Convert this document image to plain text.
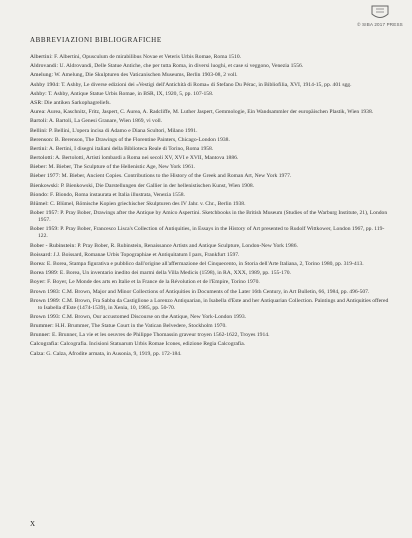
© SIBA 2017 PRESS
ABBREVIAZIONI BIBLIOGRAFICHE
Albertini: F. Albertini, Opusculum de mirabilibus Novae et Veteris Urbis Romae, Roma 1510.
Aldrovandi: U. Aldrovandi, Delle Statue Antiche, che per tutta Roma, in diversi luoghi, et case si veggono, Venezia 1556.
Amelung: W. Amelung, Die Skulpturen des Vaticanischen Museums, Berlin 1903-08, 2 voll.
Ashby 1904: T. Ashby, Le diverse edizioni dei «Vestigi dell'Antichità di Roma» di Stefano Du Pérac, in Bibliofilia, XVI, 1914-15, pp. 401 sgg.
Ashby: T. Ashby, Antique Statue Urbis Romae, in BSR, IX, 1920, 5, pp. 107-158.
ASR: Die antiken Sarkophagreliefs.
Aurea: Aurea, Kaschnitz, Fritz, Jaspert, C. Aurea, A. Radcliffe, M. Luther Jaspert, Gemmologie, Ein Wandsammler der europäischen Plastik, Wien 1938.
Bartoli: A. Bartoli, La Genesi Granare, Wien 1869, vi voll.
Bellini: P. Bellini, L'opera incisa di Adamo e Diana Scultori, Milano 1991.
Berenson: B. Berenson, The Drawings of the Florentine Painters, Chicago-London 1938.
Bertini: A. Bertini, I disegni italiani della Biblioteca Reale di Torino, Roma 1958.
Bertolotti: A. Bertolotti, Artisti lombardi a Roma nei secoli XV, XVI e XVII, Mantova 1886.
Bieber: M. Bieber, The Sculpture of the Hellenistic Age, New York 1961.
Bieber 1977: M. Bieber, Ancient Copies. Contributions to the History of the Greek and Roman Art, New York 1977.
Bienkowski: P. Bienkowski, Die Darstellungen der Gallier in der hellenistischen Kunst, Wien 1908.
Biondo: F. Biondo, Roma instaurata et Italia illustrata, Venezia 1558.
Blümel: C. Blümel, Römische Kopien griechischer Skulpturen des IV Jahr. v. Chr., Berlin 1938.
Bober 1957: P. Pray Bober, Drawings after the Antique by Amico Aspertini. Sketchbooks in the British Museum (Studies of the Warburg Institute, 21), London 1957.
Bober 1959: P. Pray Bober, Francesco Lisca's Collection of Antiquities, in Essays in the History of Art presented to Rudolf Wittkower, London 1967, pp. 119-122.
Bober - Rubinstein: P. Pray Bober, R. Rubinstein, Renaissance Artists and Antique Sculpture, London-New York 1986.
Boissard: J.J. Boissard, Romanae Urbis Topographiae et Antiquitatum I pars, Frankfurt 1597.
Borea: E. Borea, Stampa figurativa e pubblico dall'origine all'affermazione del Cinquecento, in Storia dell'Arte Italiana, 2, Torino 1980, pp. 319-413.
Borea 1989: E. Borea, Un inventario inedito dei marmi della Villa Medicis (1598), in RA, XXX, 1989, pp. 155-170.
Boyer: F. Boyer, Le Monde des arts en Italie et la France de la Révolution et de l'Empire, Torino 1970.
Brown 1983: C.M. Brown, Major and Minor Collections of Antiquities in Documents of the Later 16th Century, in Art Bulletin, 66, 1984, pp. 496-507.
Brown 1989: C.M. Brown, Fra Sabba da Castiglione a Lorenzo Antiquarian, in Isabella d'Este and her Antiquarian Collection. Paintings and Antiquities offered to Isabella d'Este (1474-1539), in Xenia, 10, 1985, pp. 50-70.
Brown 1993: C.M. Brown, Our accustomed Discourse on the Antique, New York-London 1993.
Brummer: H.H. Brummer, The Statue Court in the Vatican Belvedere, Stockholm 1970.
Brunner: E. Brunner, La vie et les oeuvres de Philippe Thomassin graveur troyen 1562-1622, Troyes 1914.
Calcografia: Calcografia. Incisioni Statuarum Urbis Romae Icones, edizione Regia Calcografia.
Calza: G. Calza, Afrodite armata, in Ausonia, 9, 1919, pp. 172-184.
X
